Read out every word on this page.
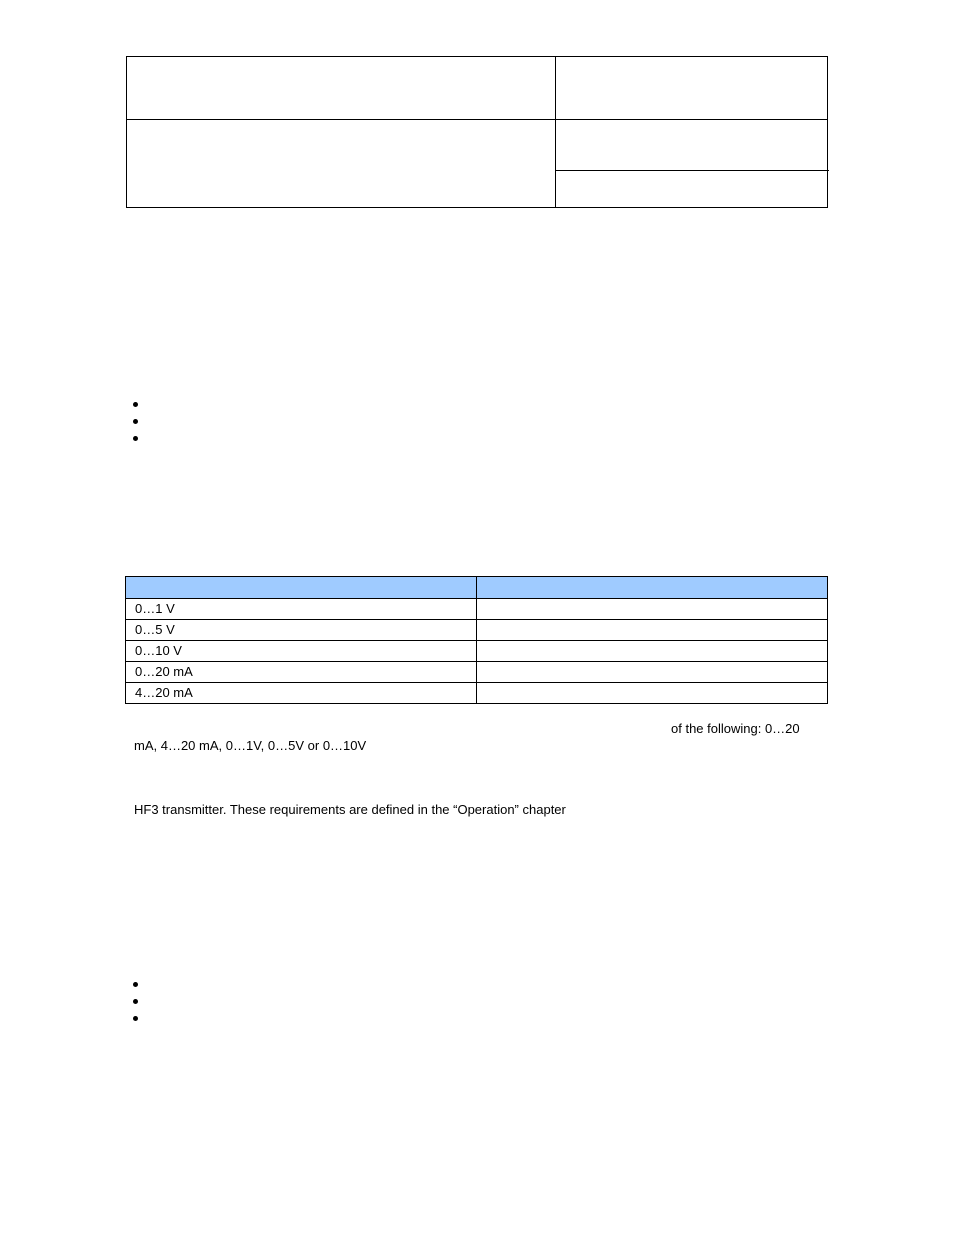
0…1 V	
0…5 V	
0…10 V	
0…20 mA	
4…20 mA	
of the following: 0…20
mA, 4…20 mA, 0…1V, 0…5V or 0…10V
HF3 transmitter. These requirements are defined in the “Operation” chapter
